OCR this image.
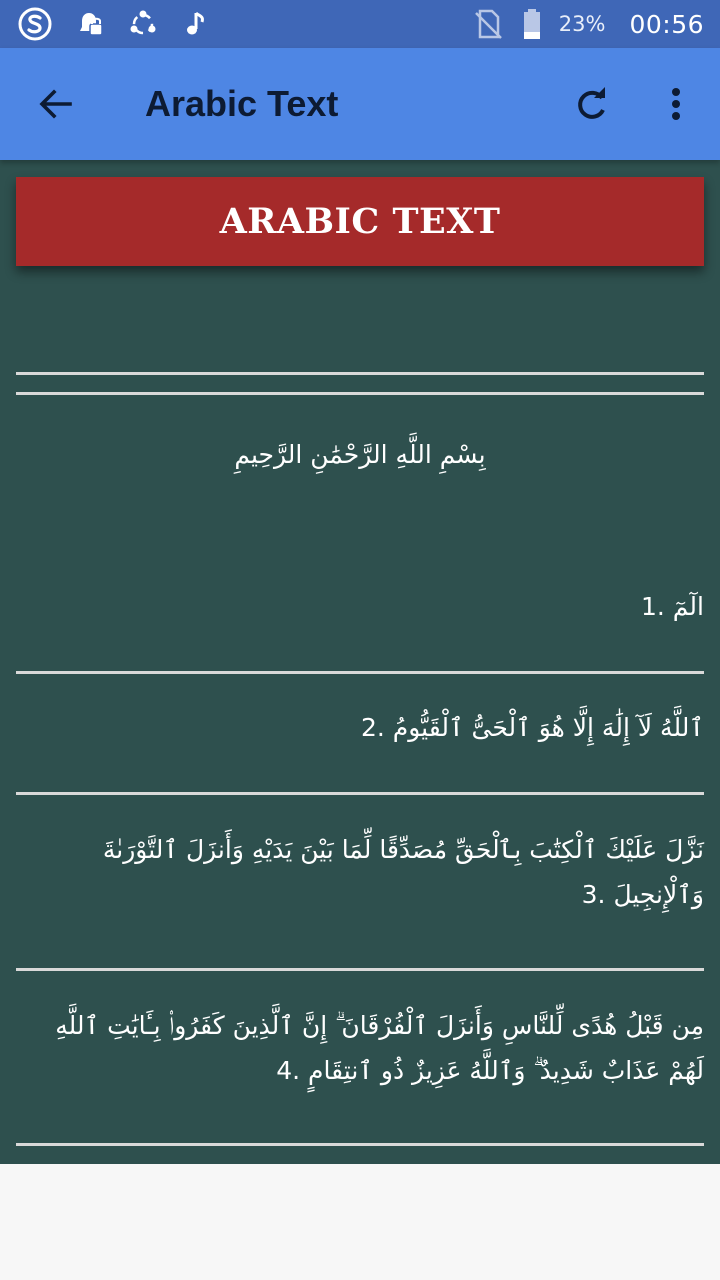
23% 00:56
Arabic Text
ARABIC TEXT
بِسْمِ اللَّهِ الرَّحْمَٰنِ الرَّحِيمِ
الٓمٓ 1.
ٱللَّهُ لَآ إِلَٰهَ إِلَّا هُوَ ٱلْحَىُّ ٱلْقَيُّومُ 2.
نَزَّلَ عَلَيْكَ ٱلْكِتَٰبَ بِٱلْحَقِّ مُصَدِّقًا لِّمَا بَيْنَ يَدَيْهِ وَأَنزَلَ ٱلتَّوْرَىٰةَ وَٱلْإِنجِيلَ 3.
مِن قَبْلُ هُدًى لِّلنَّاسِ وَأَنزَلَ ٱلْفُرْقَانَ ۗ إِنَّ ٱلَّذِينَ كَفَرُوا۟ بِـَٔايَٰتِ ٱللَّهِ لَهُمْ عَذَابٌ شَدِيدٌ ۗ وَٱللَّهُ عَزِيزٌ ذُو ٱنتِقَامٍ 4.
